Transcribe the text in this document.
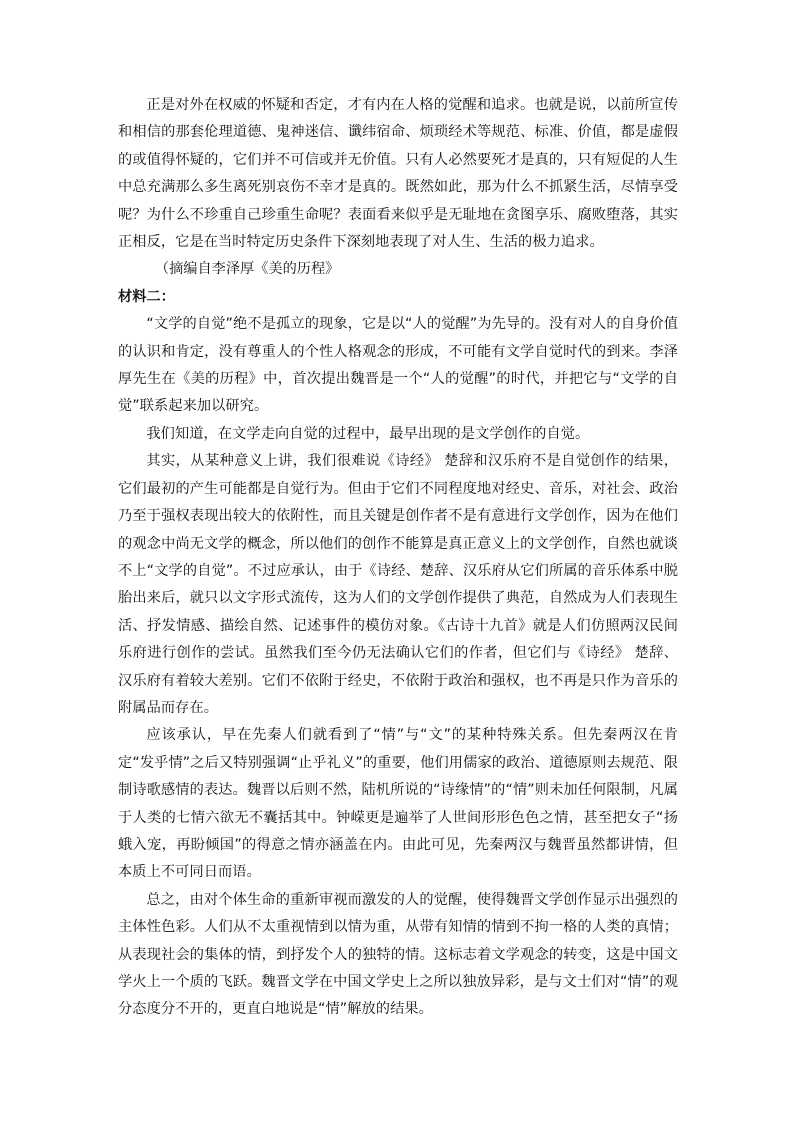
正是对外在权威的怀疑和否定，才有内在人格的觉醒和追求。也就是说，以前所宣传和相信的那套伦理道德、鬼神迷信、谶纬宿命、烦琐经术等规范、标准、价值，都是虚假的或值得怀疑的，它们并不可信或并无价值。只有人必然要死才是真的，只有短促的人生中总充满那么多生离死别哀伤不幸才是真的。既然如此，那为什么不抓紧生活，尽情享受呢？为什么不珍重自己珍重生命呢？表面看来似乎是无耻地在贪图享乐、腐败堕落，其实正相反，它是在当时特定历史条件下深刻地表现了对人生、生活的极力追求。

（摘编自李泽厚《美的历程》

材料二：

“文学的自觉”绝不是孤立的现象，它是以“人的觉醒”为先导的。没有对人的自身价值的认识和肯定，没有尊重人的个性人格观念的形成，不可能有文学自觉时代的到来。李泽厚先生在《美的历程》中，首次提出魏晋是一个“人的觉醒”的时代，并把它与“文学的自觉”联系起来加以研究。

我们知道，在文学走向自觉的过程中，最早出现的是文学创作的自觉。

其实，从某种意义上讲，我们很难说《诗经》 楚辞和汉乐府不是自觉创作的结果，它们最初的产生可能都是自觉行为。但由于它们不同程度地对经史、音乐，对社会、政治乃至于强权表现出较大的依附性，而且关键是创作者不是有意进行文学创作，因为在他们的观念中尚无文学的概念，所以他们的创作不能算是真正意义上的文学创作，自然也就谈不上“文学的自觉”。不过应承认，由于《诗经、楚辞、汉乐府从它们所属的音乐体系中脱胎出来后，就只以文字形式流传，这为人们的文学创作提供了典范，自然成为人们表现生活、抒发情感、描绘自然、记述事件的模仿对象。《古诗十九首》就是人们仿照两汉民间乐府进行创作的尝试。虽然我们至今仍无法确认它们的作者，但它们与《诗经》 楚辞、汉乐府有着较大差别。它们不依附于经史，不依附于政治和强权，也不再是只作为音乐的附属品而存在。

应该承认，早在先秦人们就看到了“情”与“文”的某种特殊关系。但先秦两汉在肯定“发乎情”之后又特别强调“止乎礼义”的重要，他们用儒家的政治、道德原则去规范、限制诗歌感情的表达。魏晋以后则不然，陆机所说的“诗缘情”的“情”则未加任何限制，凡属于人类的七情六欲无不囊括其中。钟嵘更是遍举了人世间形形色色之情，甚至把女子“扬蛾入宠，再盼倾国”的得意之情亦涵盖在内。由此可见，先秦两汉与魏晋虽然都讲情，但本质上不可同日而语。

总之，由对个体生命的重新审视而激发的人的觉醒，使得魏晋文学创作显示出强烈的主体性色彩。人们从不太重视情到以情为重，从带有知情的情到不拘一格的人类的真情；从表现社会的集体的情，到抒发个人的独特的情。这标志着文学观念的转变，这是中国文学火上一个质的飞跃。魏晋文学在中国文学史上之所以独放异彩，是与文士们对“情”的观分态度分不开的，更直白地说是“情”解放的结果。
